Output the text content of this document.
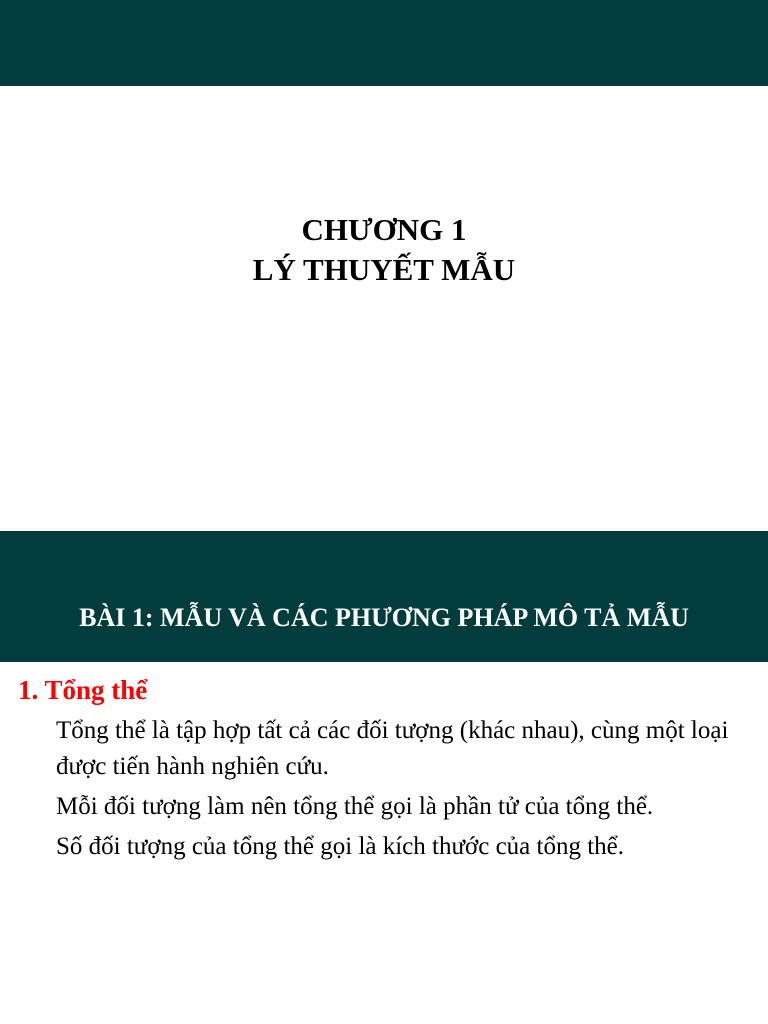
CHƯƠNG 1
LÝ THUYẾT MẪU
BÀI 1: MẪU VÀ CÁC PHƯƠNG PHÁP MÔ TẢ MẪU
1. Tổng thể

Tổng thể là tập hợp tất cả các đối tượng (khác nhau), cùng một loại được tiến hành nghiên cứu.

Mỗi đối tượng làm nên tổng thể gọi là phần tử của tổng thể.

Số đối tượng của tổng thể gọi là kích thước của tổng thể.
